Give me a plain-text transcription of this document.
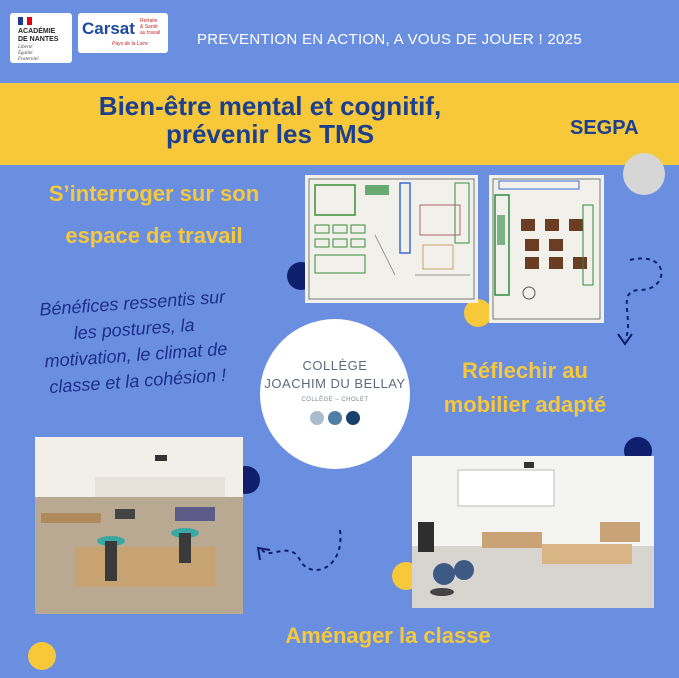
ACADÉMIE
DE NANTES
Liberté
Égalité
Fraternité
Carsat Retraite
& Santé
au travail
Pays de la Loire	PREVENTION EN ACTION, A VOUS DE JOUER ! 2025
Bien-être mental et cognitif,
prévenir les TMS	SEGPA
S’interroger sur son
espace de travail
Bénéfices ressentis sur
les postures, la
motivation, le climat de
classe et la cohésion !	Réflechir au
mobilier adapté
Aménager la classe
COLLÈGE
JOACHIM DU BELLAY
COLLÈGE – CHOLET
